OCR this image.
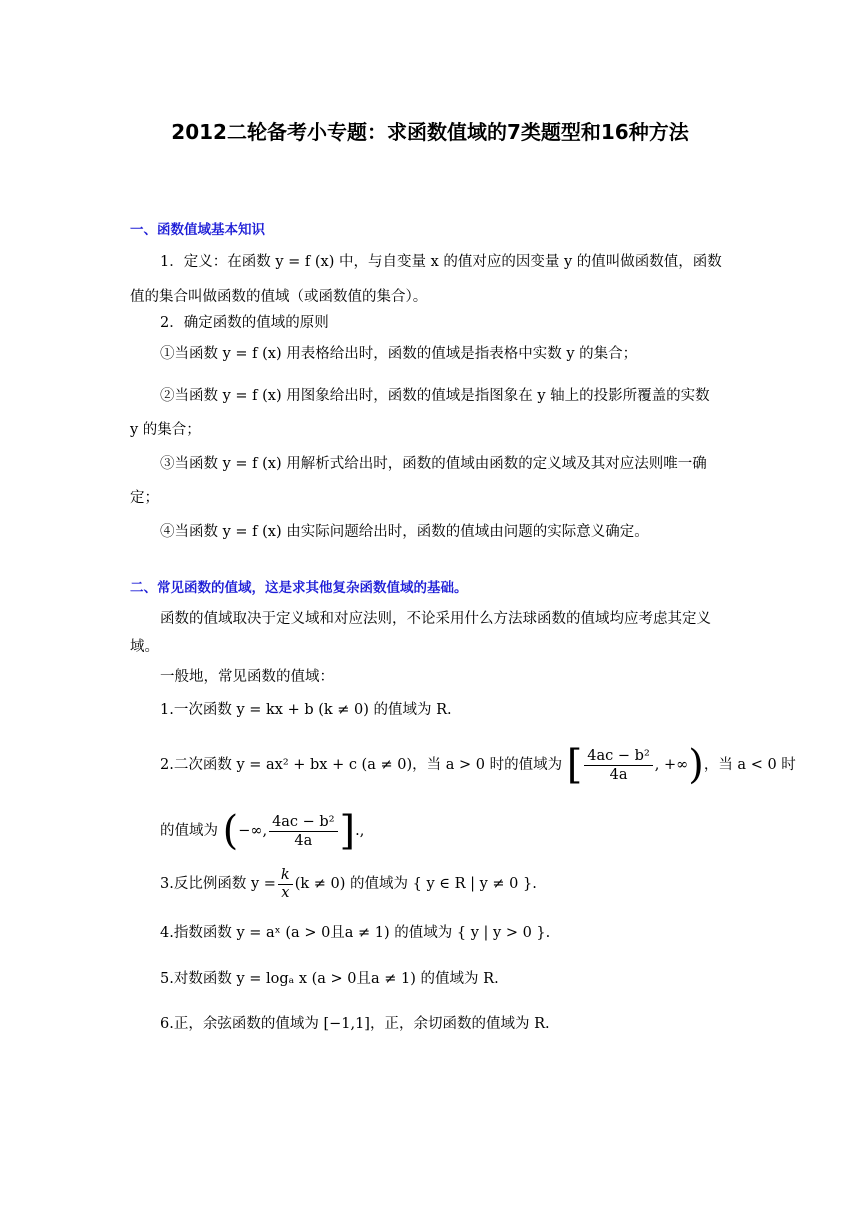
2012二轮备考小专题：求函数值域的7类题型和16种方法
一、函数值域基本知识
1．定义：在函数 y = f (x) 中，与自变量 x 的值对应的因变量 y 的值叫做函数值，函数
值的集合叫做函数的值域（或函数值的集合）。
2．确定函数的值域的原则
①当函数 y = f (x) 用表格给出时，函数的值域是指表格中实数 y 的集合；
②当函数 y = f (x) 用图象给出时，函数的值域是指图象在 y 轴上的投影所覆盖的实数
y 的集合；
③当函数 y = f (x) 用解析式给出时，函数的值域由函数的定义域及其对应法则唯一确
定；
④当函数 y = f (x) 由实际问题给出时，函数的值域由问题的实际意义确定。
二、常见函数的值域，这是求其他复杂函数值域的基础。
函数的值域取决于定义域和对应法则，不论采用什么方法球函数的值域均应考虑其定义
域。
一般地，常见函数的值域：
1.一次函数 y = kx + b (k ≠ 0) 的值域为 R.
2.二次函数 y = ax² + bx + c (a ≠ 0)，当 a > 0 时的值域为 [ $\frac{\text{4ac − b²}}{4a}$ , +∞)，当 a < 0 时
的值域为 (−∞, $\frac{\text{4ac − b²}}{4a}$ ].,
3.反比例函数 $y = \frac{k}{x} (k \ne 0)$ 的值域为 { y ∈ R | y ≠ 0 }.
4.指数函数 y = aˣ (a > 0且a ≠ 1) 的值域为 { y | y > 0 }.
5.对数函数 y = logₐ x (a > 0且a ≠ 1) 的值域为 R.
6.正，余弦函数的值域为 [−1,1]，正，余切函数的值域为 R.
